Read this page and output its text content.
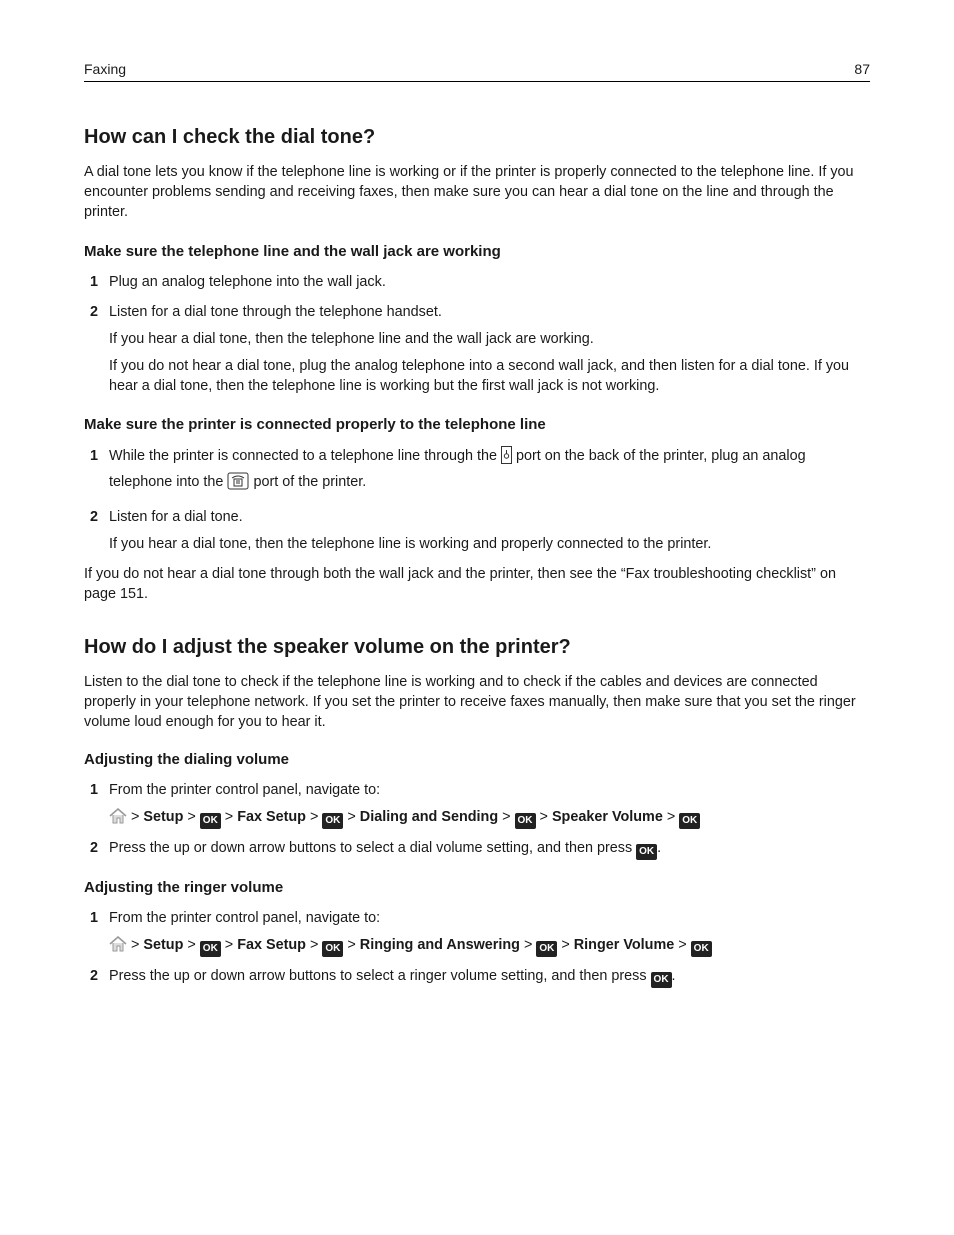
Faxing	87
How can I check the dial tone?

A dial tone lets you know if the telephone line is working or if the printer is properly connected to the telephone line. If you encounter problems sending and receiving faxes, then make sure you can hear a dial tone on the line and through the printer.

Make sure the telephone line and the wall jack are working
1 Plug an analog telephone into the wall jack.
2 Listen for a dial tone through the telephone handset.

If you hear a dial tone, then the telephone line and the wall jack are working.

If you do not hear a dial tone, plug the analog telephone into a second wall jack, and then listen for a dial tone. If you hear a dial tone, then the telephone line is working but the first wall jack is not working.

Make sure the printer is connected properly to the telephone line
1 While the printer is connected to a telephone line through the port on the back of the printer, plug an analog telephone into the port of the printer.
2 Listen for a dial tone.

If you hear a dial tone, then the telephone line is working and properly connected to the printer.

If you do not hear a dial tone through both the wall jack and the printer, then see the “Fax troubleshooting checklist” on page 151.

How do I adjust the speaker volume on the printer?

Listen to the dial tone to check if the telephone line is working and to check if the cables and devices are connected properly in your telephone network. If you set the printer to receive faxes manually, then make sure that you set the ringer volume loud enough for you to hear it.

Adjusting the dialing volume
1 From the printer control panel, navigate to:

> Setup > OK > Fax Setup > OK > Dialing and Sending > OK > Speaker Volume > OK

2 Press the up or down arrow buttons to select a dial volume setting, and then press OK .
Adjusting the ringer volume
1 From the printer control panel, navigate to:

> Setup > OK > Fax Setup > OK > Ringing and Answering > OK > Ringer Volume > OK

2 Press the up or down arrow buttons to select a ringer volume setting, and then press OK .
